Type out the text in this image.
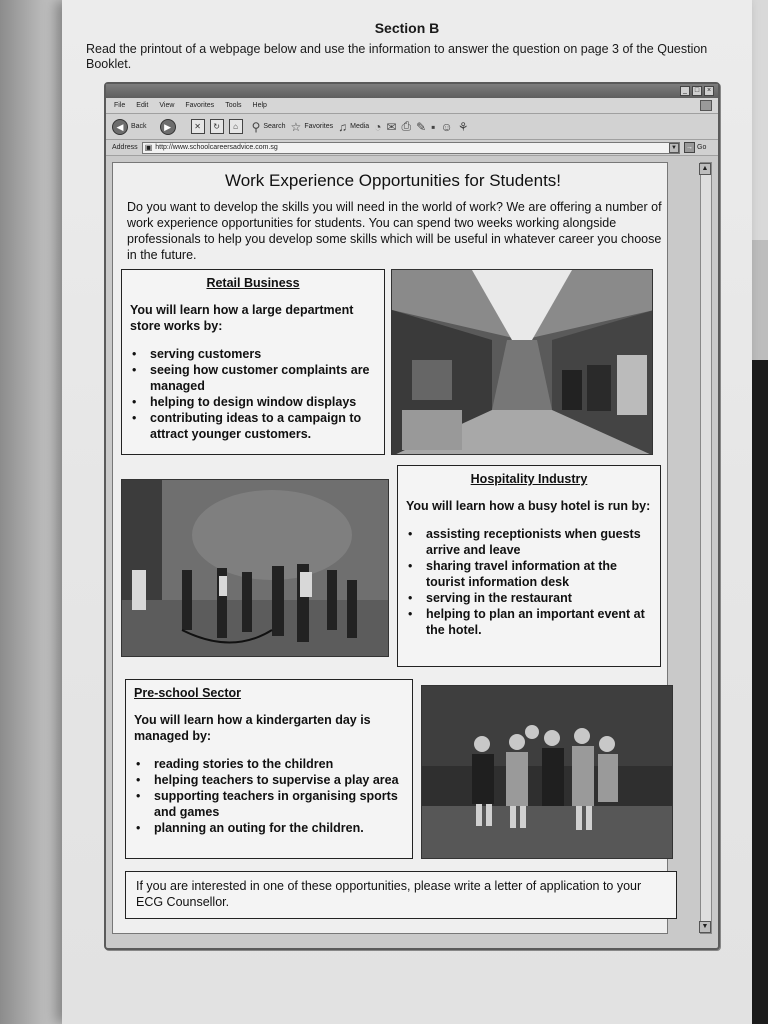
Section B
Read the printout of a webpage below and use the information to answer the question on page 3 of the Question Booklet.
_	□	×
File Edit View Favorites Tools Help
◀	Back	▶	✕	↻	⌂	⚲ Search ☆ Favorites ♫ Media ◔ ✉ ⎙ ✎ ▪ ☺ ⚘
Address ▣ http://www.schoolcareersadvice.com.sg	▼ → Go
Work Experience Opportunities for Students!
Do you want to develop the skills you will need in the world of work? We are offering a number of work experience opportunities for students. You can spend two weeks working alongside professionals to help you develop some skills which will be useful in whatever career you choose in the future.
Retail Business
You will learn how a large department store works by:
• serving customers
• seeing how customer complaints are managed
• helping to design window displays
• contributing ideas to a campaign to attract younger customers.
Hospitality Industry
You will learn how a busy hotel is run by:
• assisting receptionists when guests arrive and leave
• sharing travel information at the tourist information desk
• serving in the restaurant
• helping to plan an important event at the hotel.
Pre-school Sector
You will learn how a kindergarten day is managed by:
• reading stories to the children
• helping teachers to supervise a play area
• supporting teachers in organising sports and games
• planning an outing for the children.
If you are interested in one of these opportunities, please write a letter of application to your ECG Counsellor.
▲
▼
